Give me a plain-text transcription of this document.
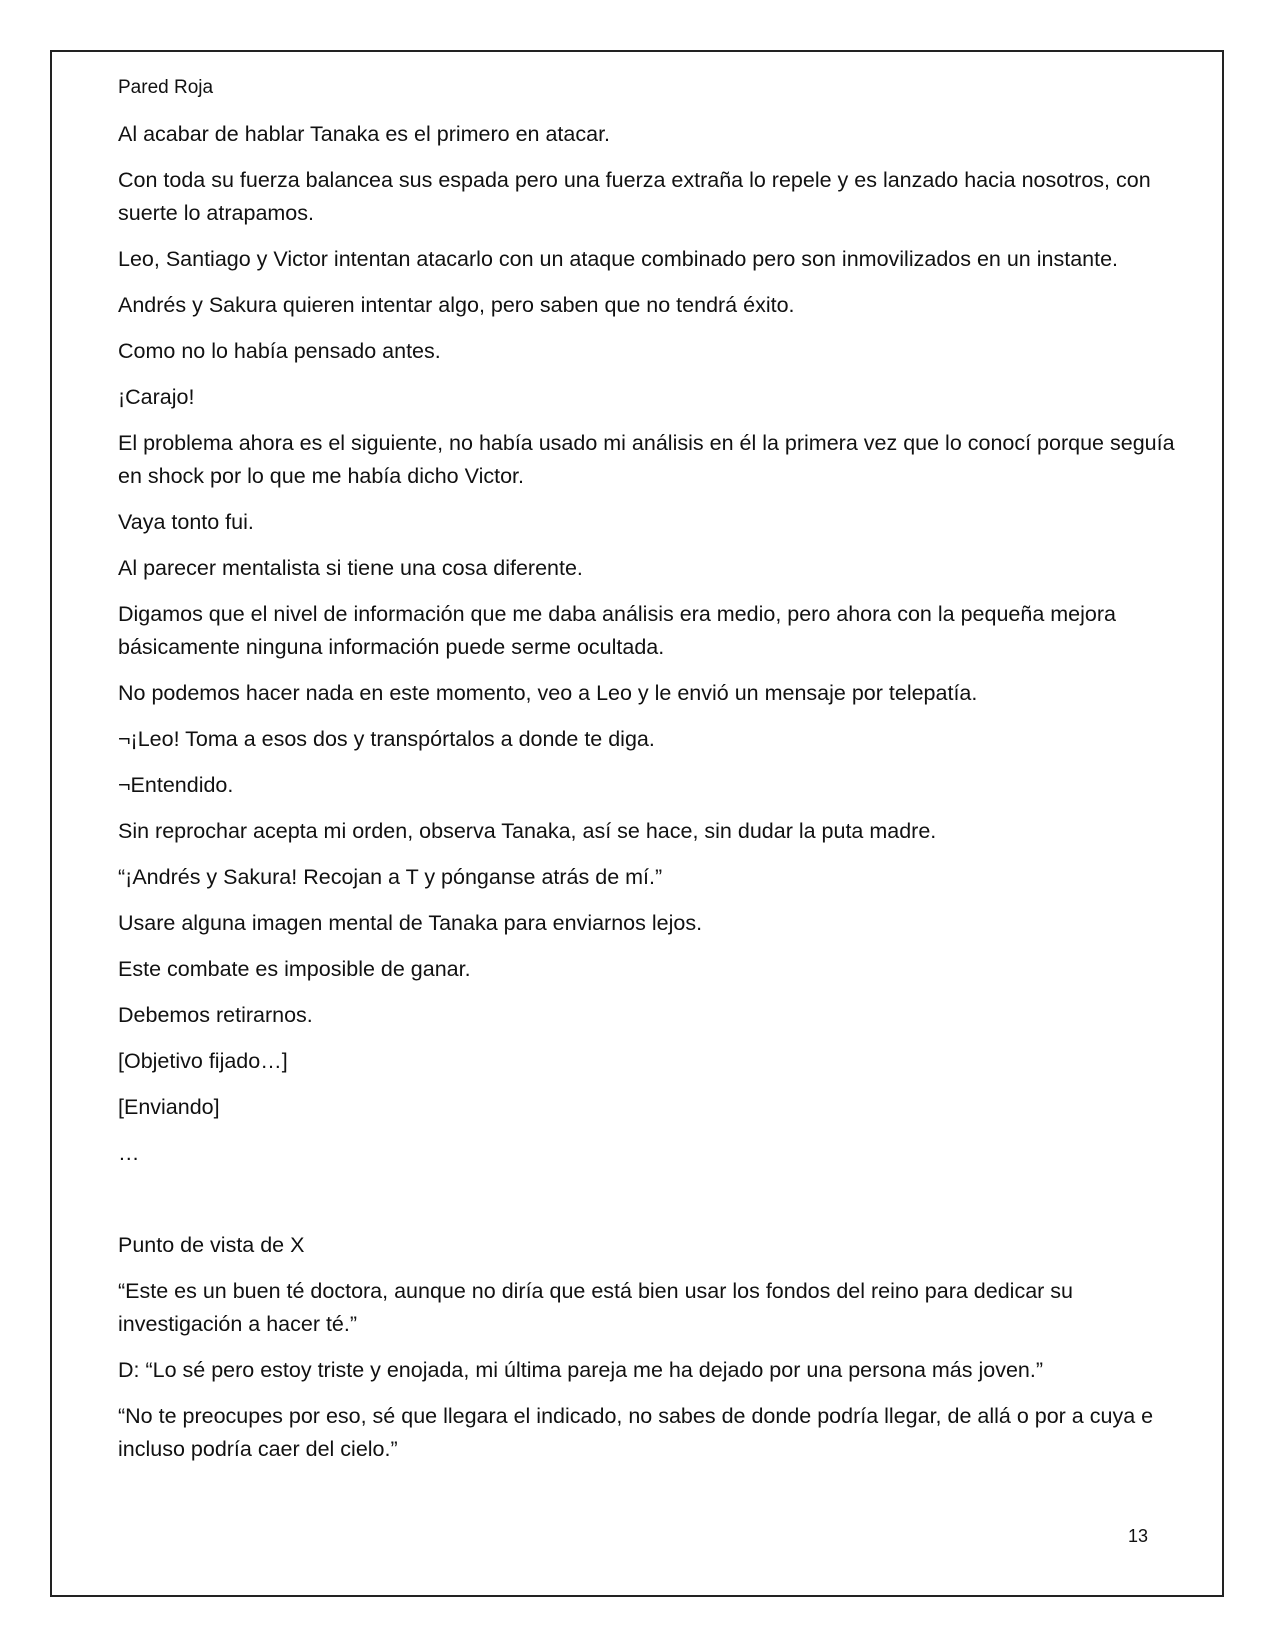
Pared Roja

Al acabar de hablar Tanaka es el primero en atacar.

Con toda su fuerza balancea sus espada pero una fuerza extraña lo repele y es lanzado hacia nosotros, con suerte lo atrapamos.

Leo, Santiago y Victor intentan atacarlo con un ataque combinado pero son inmovilizados en un instante.

Andrés y Sakura quieren intentar algo, pero saben que no tendrá éxito.

Como no lo había pensado antes.

¡Carajo!

El problema ahora es el siguiente, no había usado mi análisis en él la primera vez que lo conocí porque seguía en shock por lo que me había dicho Victor.

Vaya tonto fui.

Al parecer mentalista si tiene una cosa diferente.

Digamos que el nivel de información que me daba análisis era medio, pero ahora con la pequeña mejora básicamente ninguna información puede serme ocultada.

No podemos hacer nada en este momento, veo a Leo y le envió un mensaje por telepatía.

¬¡Leo! Toma a esos dos y transpórtalos a donde te diga.

¬Entendido.

Sin reprochar acepta mi orden, observa Tanaka, así se hace, sin dudar la puta madre.

“¡Andrés y Sakura! Recojan a T y pónganse atrás de mí.”

Usare alguna imagen mental de Tanaka para enviarnos lejos.

Este combate es imposible de ganar.

Debemos retirarnos.

[Objetivo fijado…]

[Enviando]

…

Punto de vista de X

“Este es un buen té doctora, aunque no diría que está bien usar los fondos del reino para dedicar su investigación a hacer té.”

D: “Lo sé pero estoy triste y enojada, mi última pareja me ha dejado por una persona más joven.”

“No te preocupes por eso, sé que llegara el indicado, no sabes de donde podría llegar, de allá o por a cuya e incluso podría caer del cielo.”

13
